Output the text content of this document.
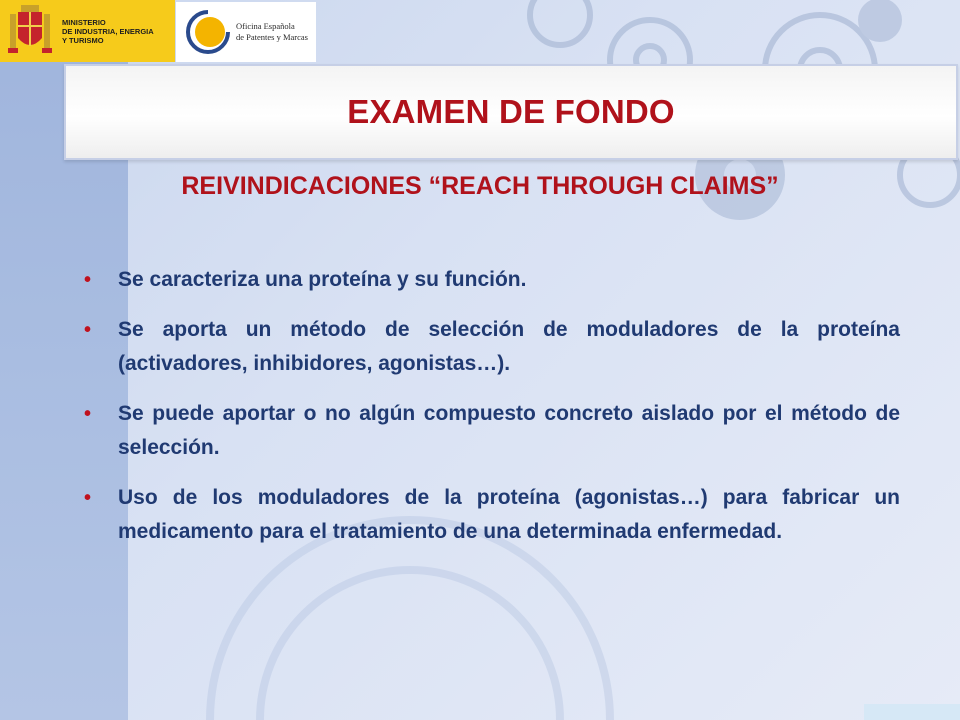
MINISTERIO
DE INDUSTRIA, ENERGIA
Y TURISMO
Oficina Española
de Patentes y Marcas
EXAMEN DE FONDO
REIVINDICACIONES “REACH THROUGH CLAIMS”
• Se caracteriza una proteína y su función.
• Se aporta un método de selección de moduladores de la proteína (activadores, inhibidores, agonistas…).
• Se puede aportar o no algún compuesto concreto aislado por el método de selección.
• Uso de los moduladores de la proteína (agonistas…) para fabricar un medicamento para el tratamiento de una determinada enfermedad.
